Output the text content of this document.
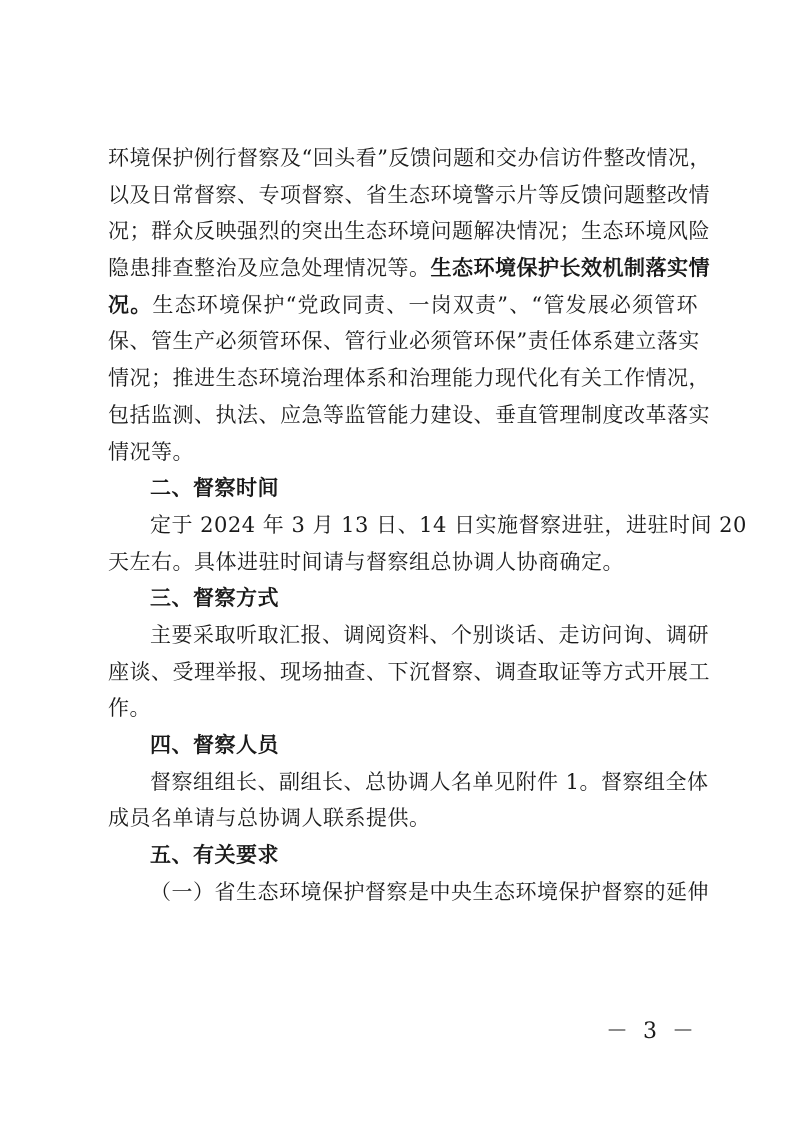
环境保护例行督察及“回头看”反馈问题和交办信访件整改情况，
以及日常督察、专项督察、省生态环境警示片等反馈问题整改情
况；群众反映强烈的突出生态环境问题解决情况；生态环境风险
隐患排查整治及应急处理情况等。生态环境保护长效机制落实情
况。生态环境保护“党政同责、一岗双责”、“管发展必须管环
保、管生产必须管环保、管行业必须管环保”责任体系建立落实
情况；推进生态环境治理体系和治理能力现代化有关工作情况，
包括监测、执法、应急等监管能力建设、垂直管理制度改革落实
情况等。
二、督察时间
定于 2024 年 3 月 13 日、14 日实施督察进驻，进驻时间 20
天左右。具体进驻时间请与督察组总协调人协商确定。
三、督察方式
主要采取听取汇报、调阅资料、个别谈话、走访问询、调研
座谈、受理举报、现场抽查、下沉督察、调查取证等方式开展工
作。
四、督察人员
督察组组长、副组长、总协调人名单见附件 1。督察组全体
成员名单请与总协调人联系提供。
五、有关要求
（一）省生态环境保护督察是中央生态环境保护督察的延伸
－ 3 －
